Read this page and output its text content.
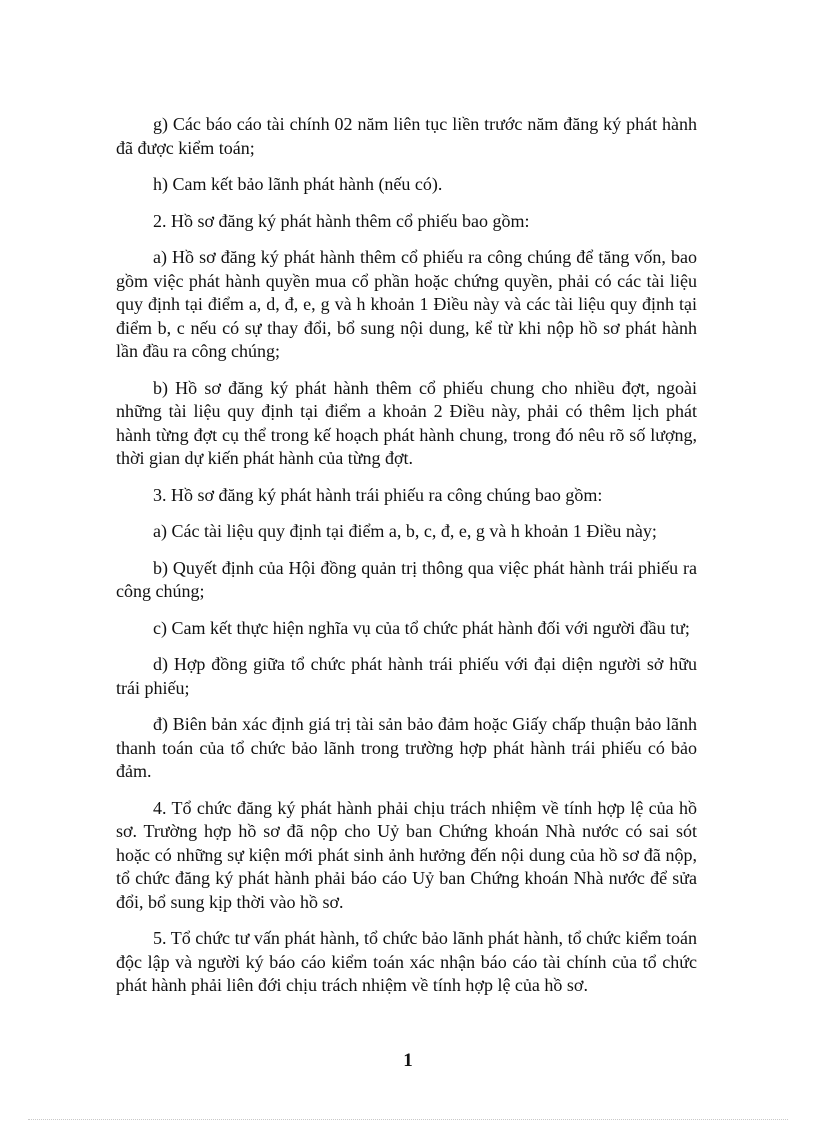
g) Các báo cáo tài chính 02 năm liên tục liền trước năm đăng ký phát hành đã được kiểm toán;

h) Cam kết bảo lãnh phát hành (nếu có).

2. Hồ sơ đăng ký phát hành thêm cổ phiếu bao gồm:

a) Hồ sơ đăng ký phát hành thêm cổ phiếu ra công chúng để tăng vốn, bao gồm việc phát hành quyền mua cổ phần hoặc chứng quyền, phải có các tài liệu quy định tại điểm a, d, đ, e, g và h khoản 1 Điều này và các tài liệu quy định tại điểm b, c nếu có sự thay đổi, bổ sung nội dung, kể từ khi nộp hồ sơ phát hành lần đầu ra công chúng;

b) Hồ sơ đăng ký phát hành thêm cổ phiếu chung cho nhiều đợt, ngoài những tài liệu quy định tại điểm a khoản 2 Điều này, phải có thêm lịch phát hành từng đợt cụ thể trong kế hoạch phát hành chung, trong đó nêu rõ số lượng, thời gian dự kiến phát hành của từng đợt.

3. Hồ sơ đăng ký phát hành trái phiếu ra công chúng bao gồm:

a) Các tài liệu quy định tại điểm a, b, c, đ, e, g và h khoản 1 Điều này;

b) Quyết định của Hội đồng quản trị thông qua việc phát hành trái phiếu ra công chúng;

c) Cam kết thực hiện nghĩa vụ của tổ chức phát hành đối với người đầu tư;

d) Hợp đồng giữa tổ chức phát hành trái phiếu với đại diện người sở hữu trái phiếu;

đ) Biên bản xác định giá trị tài sản bảo đảm hoặc Giấy chấp thuận bảo lãnh thanh toán của tổ chức bảo lãnh trong trường hợp phát hành trái phiếu có bảo đảm.

4. Tổ chức đăng ký phát hành phải chịu trách nhiệm về tính hợp lệ của hồ sơ. Trường hợp hồ sơ đã nộp cho Uỷ ban Chứng khoán Nhà nước có sai sót hoặc có những sự kiện mới phát sinh ảnh hưởng đến nội dung của hồ sơ đã nộp, tổ chức đăng ký phát hành phải báo cáo Uỷ ban Chứng khoán Nhà nước để sửa đổi, bổ sung kịp thời vào hồ sơ.

5. Tổ chức tư vấn phát hành, tổ chức bảo lãnh phát hành, tổ chức kiểm toán độc lập và người ký báo cáo kiểm toán xác nhận báo cáo tài chính của tổ chức phát hành phải liên đới chịu trách nhiệm về tính hợp lệ của hồ sơ.

1
